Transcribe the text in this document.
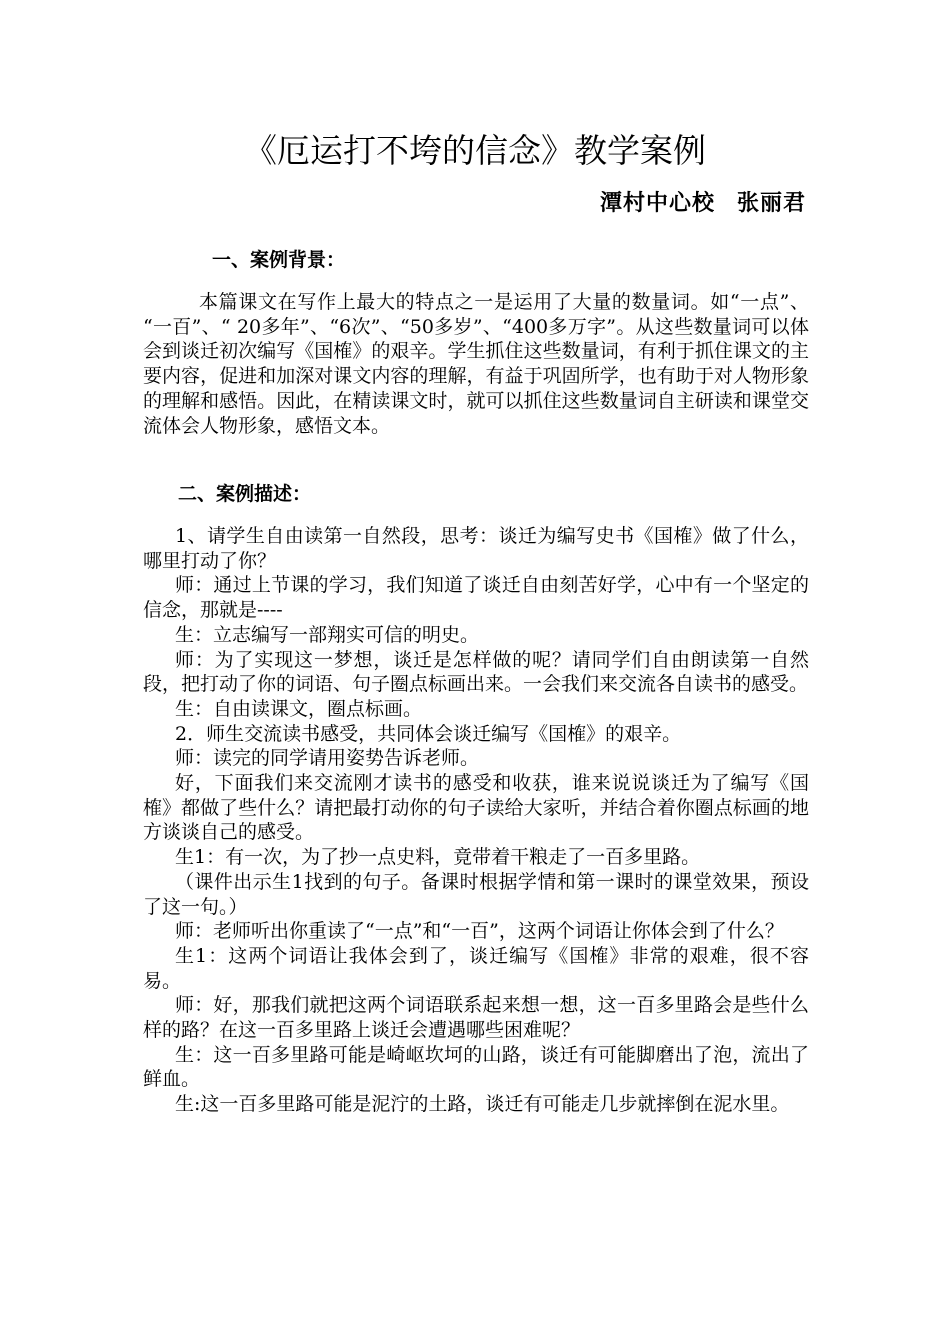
《厄运打不垮的信念》教学案例
潭村中心校 张丽君
一、案例背景：

本篇课文在写作上最大的特点之一是运用了大量的数量词。如“一点”、 “一百”、“ 20多年”、“6次”、“50多岁”、“400多万字”。从这些数量词可以体会到谈迁初次编写《国榷》的艰辛。学生抓住这些数量词，有利于抓住课文的主要内容，促进和加深对课文内容的理解，有益于巩固所学，也有助于对人物形象的理解和感悟。因此，在精读课文时，就可以抓住这些数量词自主研读和课堂交流体会人物形象，感悟文本。

二、案例描述：

1、请学生自由读第一自然段，思考：谈迁为编写史书《国榷》做了什么，哪里打动了你？

师：通过上节课的学习，我们知道了谈迁自由刻苦好学，心中有一个坚定的信念，那就是----

生：立志编写一部翔实可信的明史。

师：为了实现这一梦想，谈迁是怎样做的呢？请同学们自由朗读第一自然段，把打动了你的词语、句子圈点标画出来。一会我们来交流各自读书的感受。

生：自由读课文，圈点标画。

2．师生交流读书感受，共同体会谈迁编写《国榷》的艰辛。

师：读完的同学请用姿势告诉老师。

好，下面我们来交流刚才读书的感受和收获，谁来说说谈迁为了编写《国榷》都做了些什么？请把最打动你的句子读给大家听，并结合着你圈点标画的地方谈谈自己的感受。

生1：有一次，为了抄一点史料，竟带着干粮走了一百多里路。

（课件出示生1找到的句子。备课时根据学情和第一课时的课堂效果，预设了这一句。）

师：老师听出你重读了“一点”和“一百”，这两个词语让你体会到了什么？

生1：这两个词语让我体会到了，谈迁编写《国榷》非常的艰难，很不容易。

师：好，那我们就把这两个词语联系起来想一想，这一百多里路会是些什么样的路？在这一百多里路上谈迁会遭遇哪些困难呢？

生：这一百多里路可能是崎岖坎坷的山路，谈迁有可能脚磨出了泡，流出了鲜血。

生:这一百多里路可能是泥泞的土路，谈迁有可能走几步就摔倒在泥水里。
